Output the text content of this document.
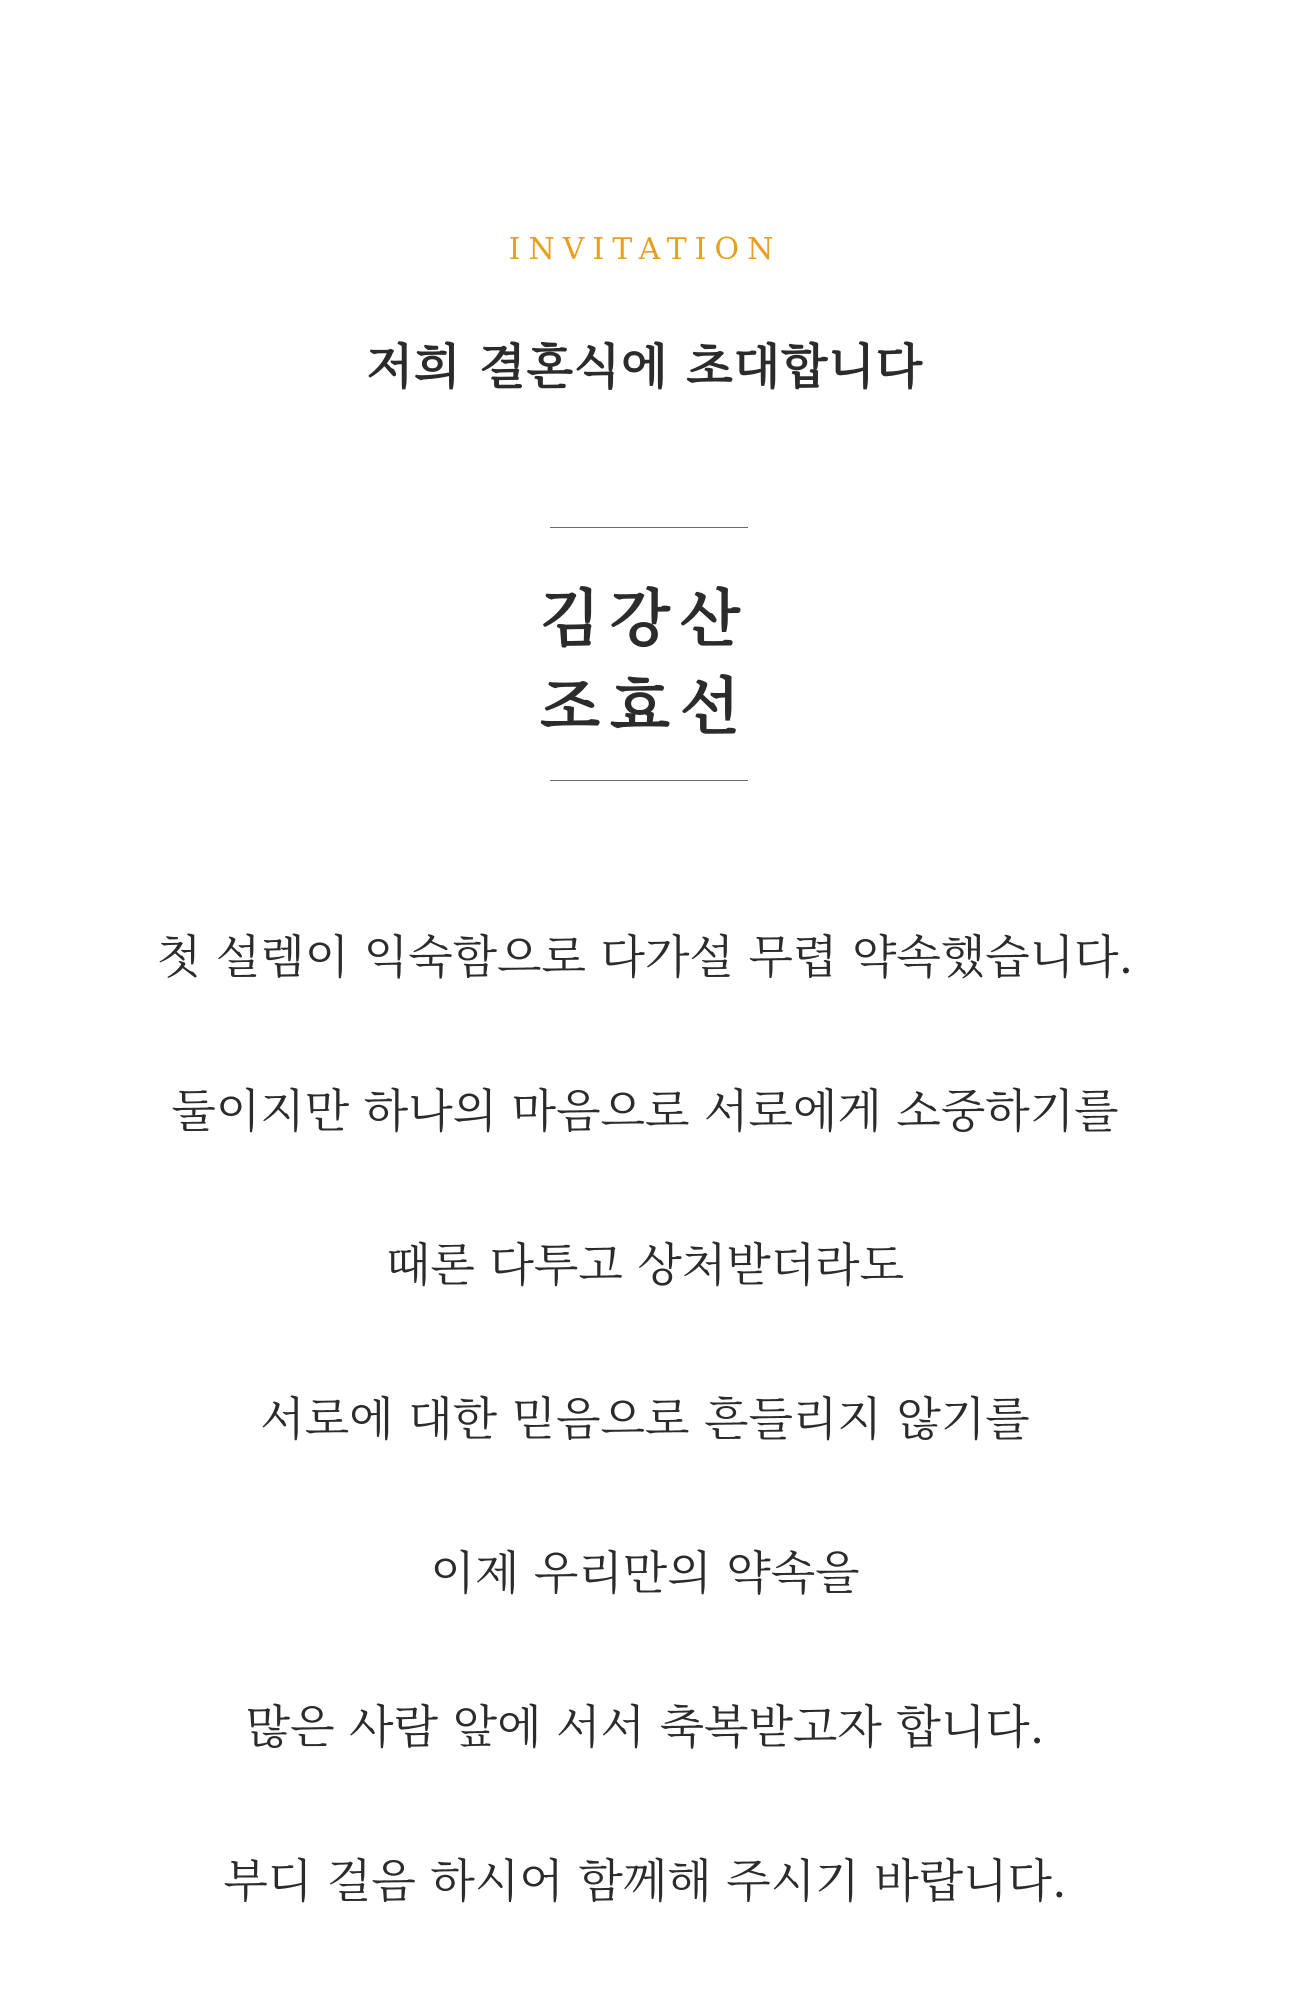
INVITATION
저희 결혼식에 초대합니다
김강산
조효선
첫 설렘이 익숙함으로 다가설 무렵 약속했습니다.
둘이지만 하나의 마음으로 서로에게 소중하기를
때론 다투고 상처받더라도
서로에 대한 믿음으로 흔들리지 않기를
이제 우리만의 약속을
많은 사람 앞에 서서 축복받고자 합니다.
부디 걸음 하시어 함께해 주시기 바랍니다.
